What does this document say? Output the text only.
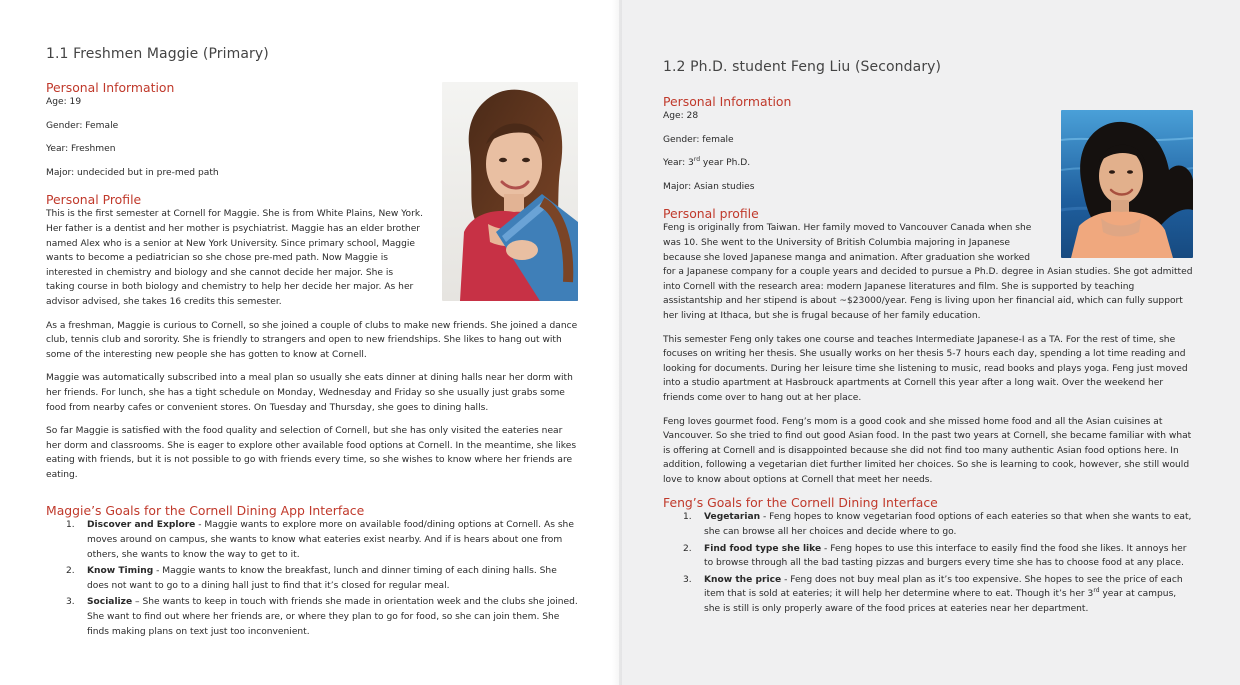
1.1 Freshmen Maggie (Primary)
Personal Information

Age: 19

Gender: Female

Year: Freshmen

Major: undecided but in pre-med path

Personal Profile

This is the first semester at Cornell for Maggie. She is from White Plains, New York.

Her father is a dentist and her mother is psychiatrist. Maggie has an elder brother

named Alex who is a senior at New York University. Since primary school, Maggie

wants to become a pediatrician so she chose pre-med path. Now Maggie is

interested in chemistry and biology and she cannot decide her major. She is

taking course in both biology and chemistry to help her decide her major. As her

advisor advised, she takes 16 credits this semester.

As a freshman, Maggie is curious to Cornell, so she joined a couple of clubs to make new friends. She joined a dance club, tennis club and sorority. She is friendly to strangers and open to new friendships. She likes to hang out with some of the interesting new people she has gotten to know at Cornell.

Maggie was automatically subscribed into a meal plan so usually she eats dinner at dining halls near her dorm with her friends. For lunch, she has a tight schedule on Monday, Wednesday and Friday so she usually just grabs some food from nearby cafes or convenient stores. On Tuesday and Thursday, she goes to dining halls.

So far Maggie is satisfied with the food quality and selection of Cornell, but she has only visited the eateries near her dorm and classrooms. She is eager to explore other available food options at Cornell. In the meantime, she likes eating with friends, but it is not possible to go with friends every time, so she wishes to know where her friends are eating.

Maggie’s Goals for the Cornell Dining App Interface
1. Discover and Explore - Maggie wants to explore more on available food/dining options at Cornell. As she moves around on campus, she wants to know what eateries exist nearby. And if is hears about one from others, she wants to know the way to get to it.
2. Know Timing - Maggie wants to know the breakfast, lunch and dinner timing of each dining halls. She does not want to go to a dining hall just to find that it’s closed for regular meal.
3. Socialize – She wants to keep in touch with friends she made in orientation week and the clubs she joined. She want to find out where her friends are, or where they plan to go for food, so she can join them. She finds making plans on text just too inconvenient.
1.2 Ph.D. student Feng Liu (Secondary)
Personal Information

Age: 28

Gender: female

Year: 3rd year Ph.D.

Major: Asian studies

Personal profile

Feng is originally from Taiwan. Her family moved to Vancouver Canada when she

was 10. She went to the University of British Columbia majoring in Japanese

because she loved Japanese manga and animation. After graduation she worked

for a Japanese company for a couple years and decided to pursue a Ph.D. degree in Asian studies. She got admitted into Cornell with the research area: modern Japanese literatures and film. She is supported by teaching assistantship and her stipend is about ~$23000/year. Feng is living upon her financial aid, which can fully support her living at Ithaca, but she is frugal because of her family education.

This semester Feng only takes one course and teaches Intermediate Japanese-I as a TA. For the rest of time, she focuses on writing her thesis. She usually works on her thesis 5-7 hours each day, spending a lot time reading and looking for documents. During her leisure time she listening to music, read books and plays yoga. Feng just moved into a studio apartment at Hasbrouck apartments at Cornell this year after a long wait. Over the weekend her friends come over to hang out at her place.

Feng loves gourmet food. Feng’s mom is a good cook and she missed home food and all the Asian cuisines at Vancouver. So she tried to find out good Asian food. In the past two years at Cornell, she became familiar with what is offering at Cornell and is disappointed because she did not find too many authentic Asian food options here. In addition, following a vegetarian diet further limited her choices. So she is learning to cook, however, she still would love to know about options at Cornell that meet her needs.

Feng’s Goals for the Cornell Dining Interface
1. Vegetarian - Feng hopes to know vegetarian food options of each eateries so that when she wants to eat, she can browse all her choices and decide where to go.
2. Find food type she like - Feng hopes to use this interface to easily find the food she likes. It annoys her to browse through all the bad tasting pizzas and burgers every time she has to choose food at any place.
3. Know the price - Feng does not buy meal plan as it’s too expensive. She hopes to see the price of each item that is sold at eateries; it will help her determine where to eat. Though it’s her 3rd year at campus, she is still is only properly aware of the food prices at eateries near her department.
